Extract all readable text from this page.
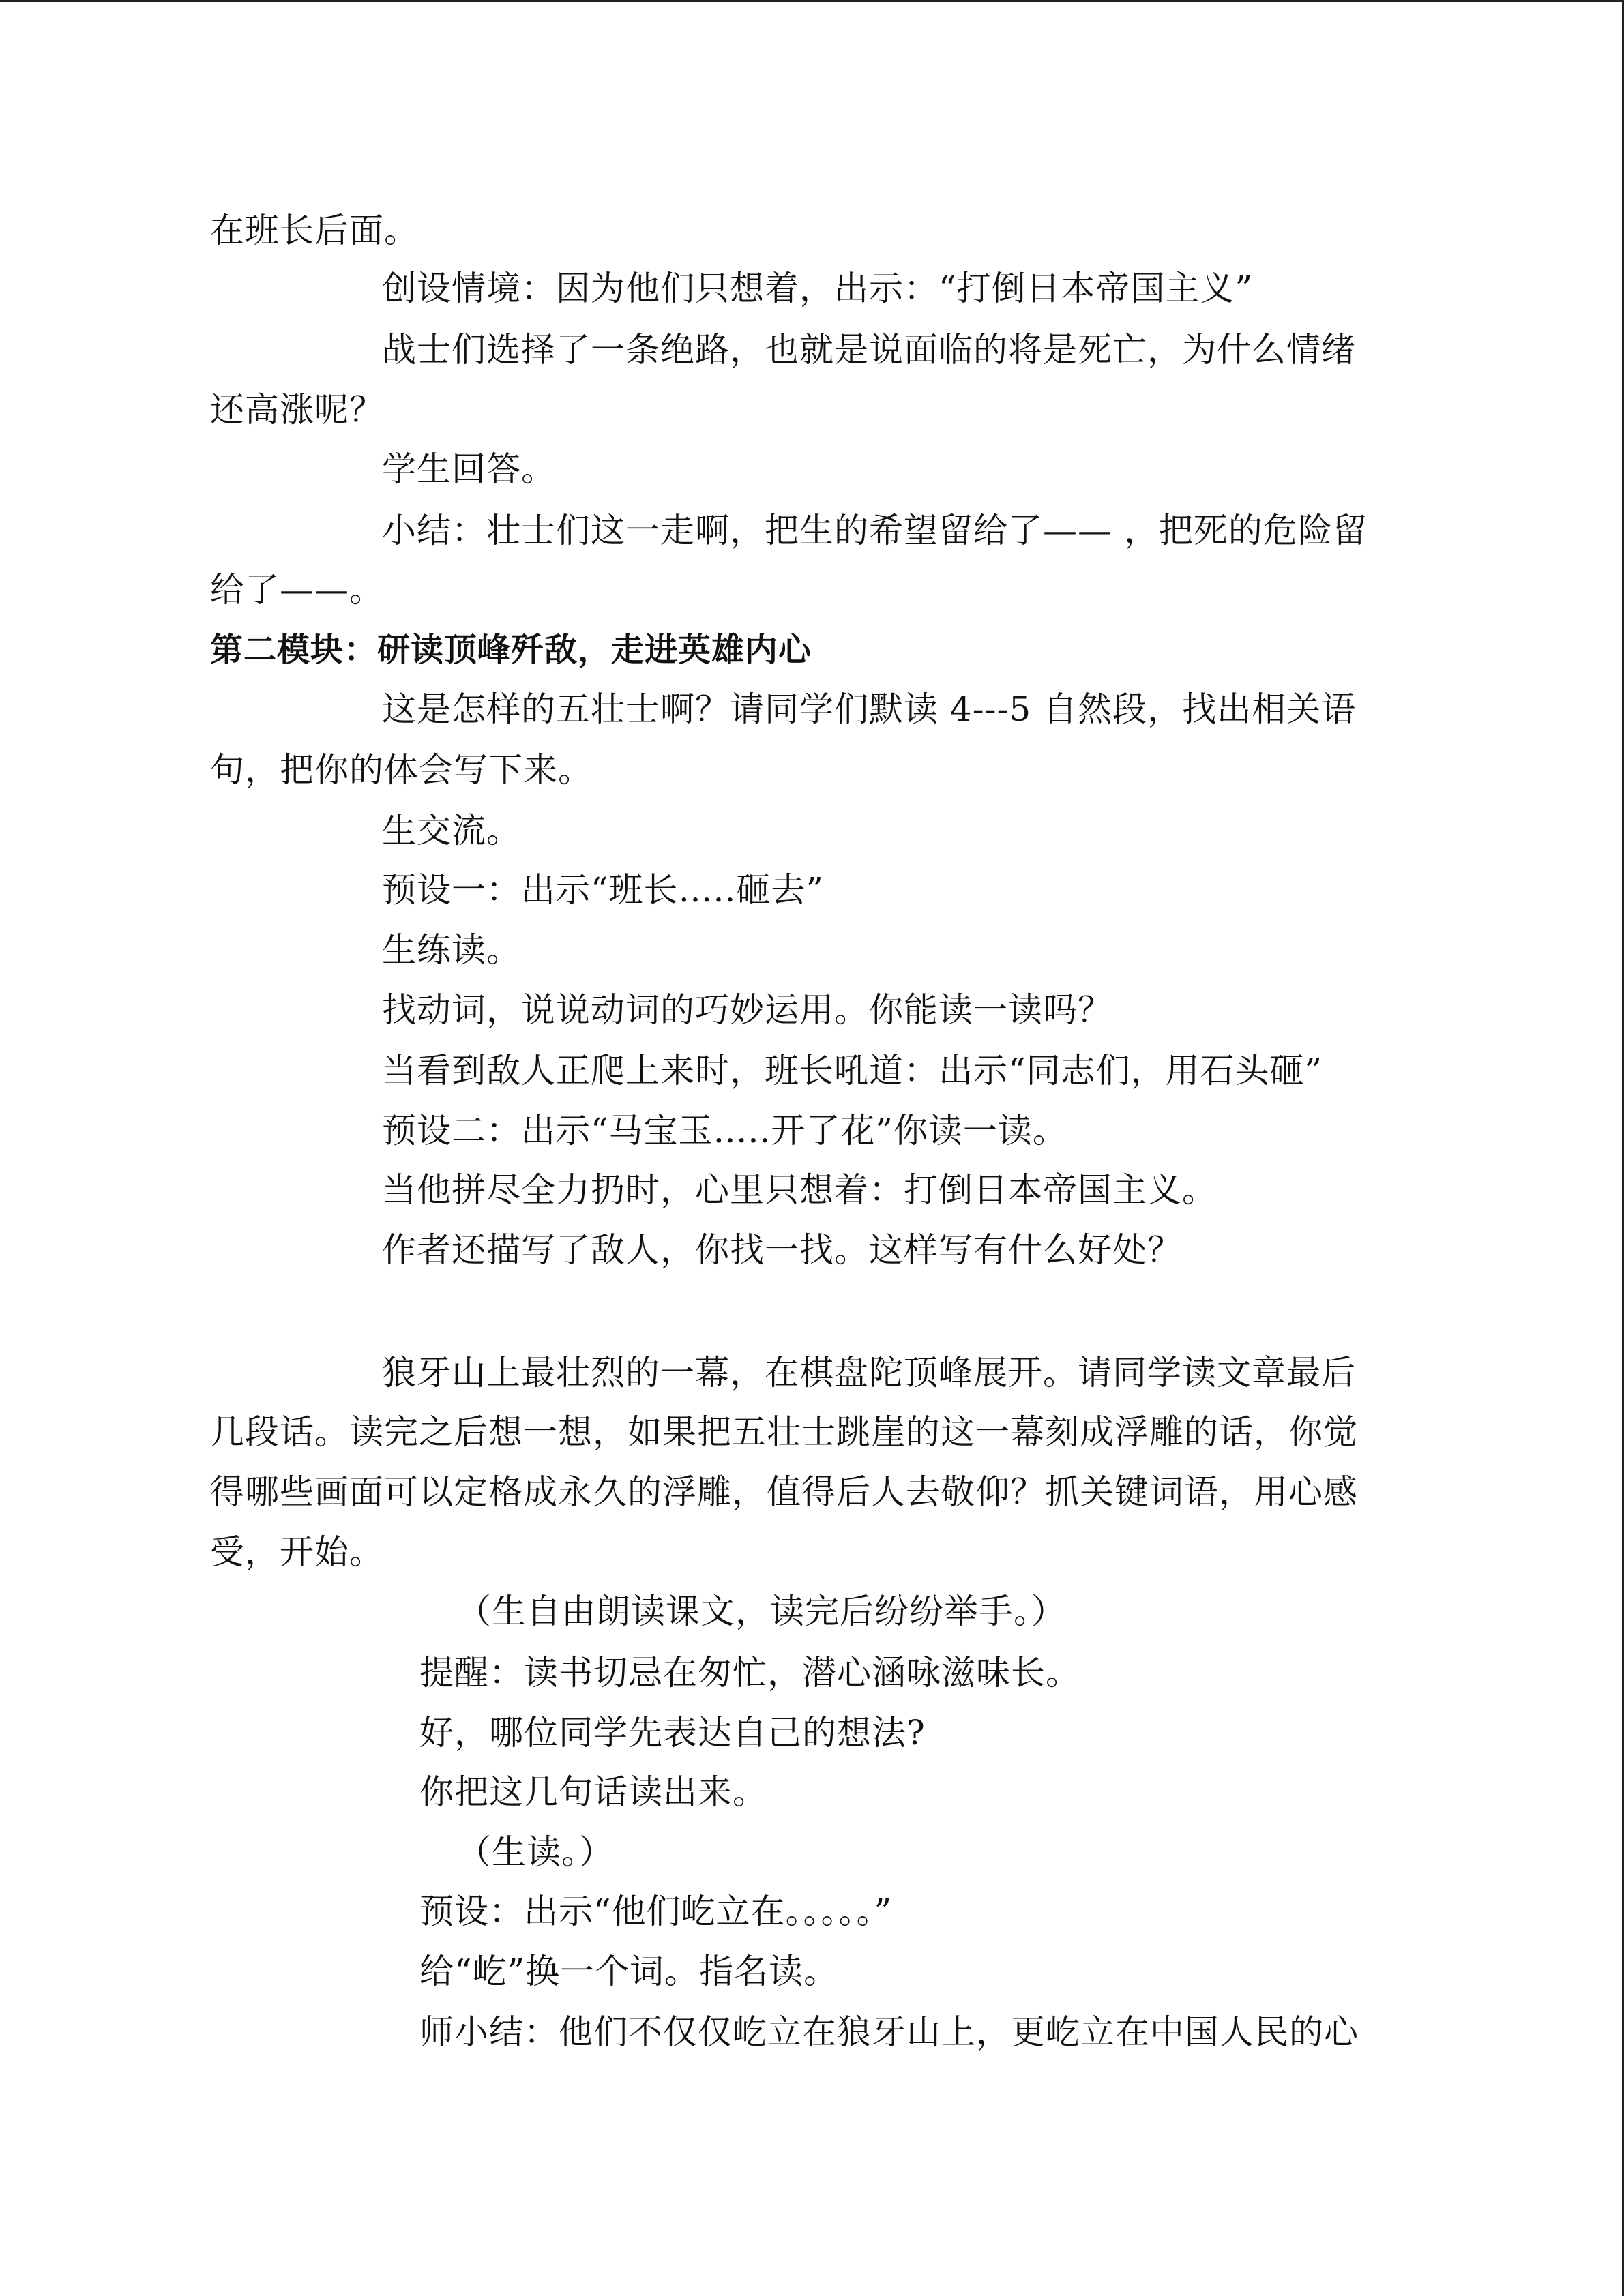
在班长后面。
创设情境：因为他们只想着，出示：“打倒日本帝国主义”
战士们选择了一条绝路，也就是说面临的将是死亡，为什么情绪
还高涨呢？
学生回答。
小结：壮士们这一走啊，把生的希望留给了—— ，把死的危险留
给了——。
第二模块：研读顶峰歼敌，走进英雄内心
这是怎样的五壮士啊？请同学们默读 4---5 自然段，找出相关语
句，把你的体会写下来。
生交流。
预设一：出示“班长…..砸去”
生练读。
找动词，说说动词的巧妙运用。你能读一读吗？
当看到敌人正爬上来时，班长吼道：出示“同志们，用石头砸”
预设二：出示“马宝玉…..开了花”你读一读。
当他拼尽全力扔时，心里只想着：打倒日本帝国主义。
作者还描写了敌人，你找一找。这样写有什么好处？
狼牙山上最壮烈的一幕，在棋盘陀顶峰展开。请同学读文章最后
几段话。读完之后想一想，如果把五壮士跳崖的这一幕刻成浮雕的话，你觉
得哪些画面可以定格成永久的浮雕，值得后人去敬仰？抓关键词语，用心感
受，开始。
（生自由朗读课文，读完后纷纷举手。）
提醒：读书切忌在匆忙，潜心涵咏滋味长。
好，哪位同学先表达自己的想法?
你把这几句话读出来。
（生读。）
预设：出示“他们屹立在。。。。。”
给“屹”换一个词。指名读。
师小结：他们不仅仅屹立在狼牙山上，更屹立在中国人民的心
